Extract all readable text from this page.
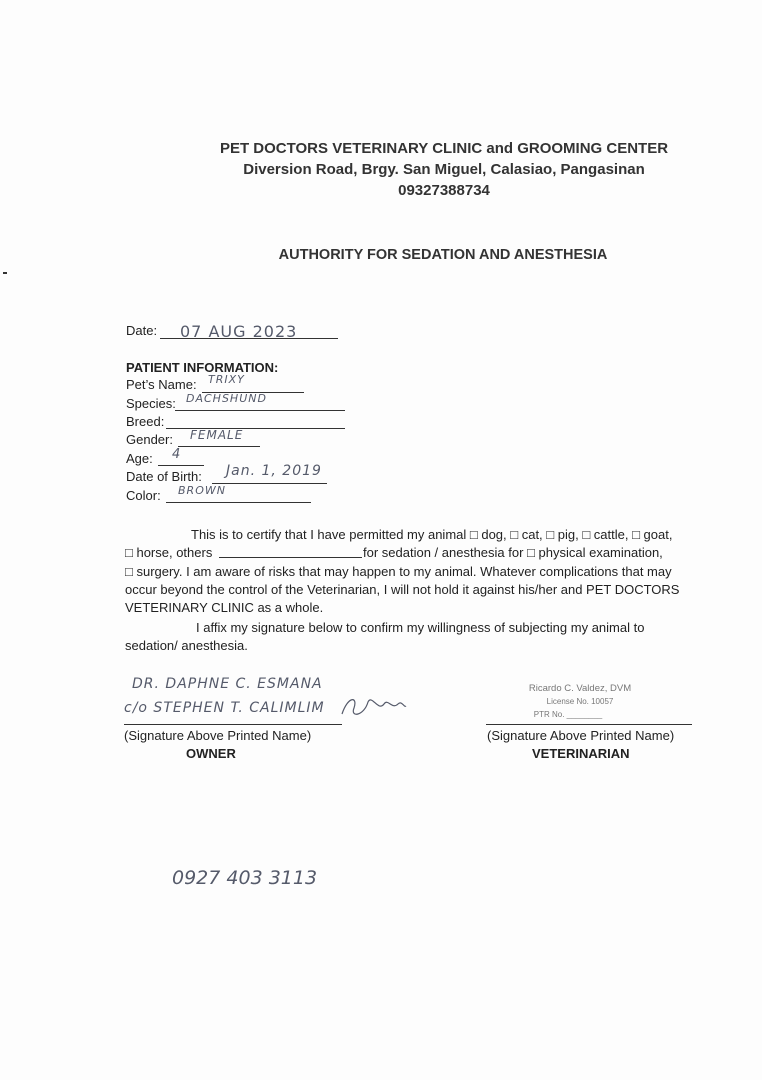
PET DOCTORS VETERINARY CLINIC and GROOMING CENTER
Diversion Road, Brgy. San Miguel, Calasiao, Pangasinan
09327388734
AUTHORITY FOR SEDATION AND ANESTHESIA
Date: 07 AUG 2023
PATIENT INFORMATION:
Pet’s Name: TRIXY
Species: DACHSHUND
Breed:
Gender: FEMALE
Age: 4
Date of Birth: Jan. 1, 2019
Color: BROWN
This is to certify that I have permitted my animal □ dog, □ cat, □ pig, □ cattle, □ goat,
□ horse, others	for sedation / anesthesia for □ physical examination,
□ surgery. I am aware of risks that may happen to my animal. Whatever complications that may
occur beyond the control of the Veterinarian, I will not hold it against his/her and PET DOCTORS
VETERINARY CLINIC as a whole.
I affix my signature below to confirm my willingness of subjecting my animal to
sedation/ anesthesia.
DR. DAPHNE C. ESMANA
c/o STEPHEN T. CALIMLIM
(Signature Above Printed Name)
OWNER
Ricardo C. Valdez, DVM
License No. 10057
PTR No. ________
(Signature Above Printed Name)
VETERINARIAN
0927 403 3113
